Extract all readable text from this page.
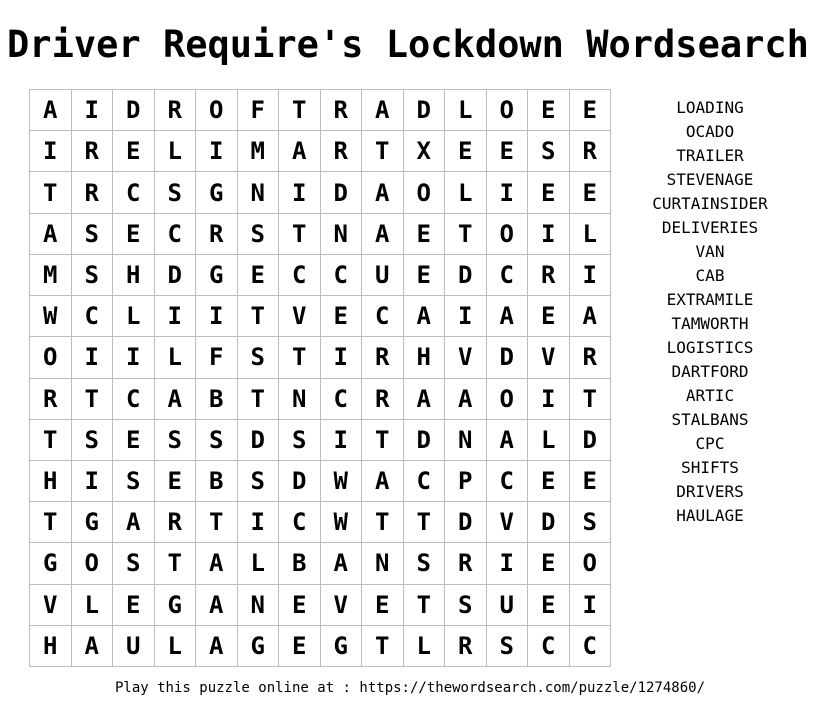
Driver Require's Lockdown Wordsearch
A	I	D	R	O	F	T	R	A	D	L	O	E	E
I	R	E	L	I	M	A	R	T	X	E	E	S	R
T	R	C	S	G	N	I	D	A	O	L	I	E	E
A	S	E	C	R	S	T	N	A	E	T	O	I	L
M	S	H	D	G	E	C	C	U	E	D	C	R	I
W	C	L	I	I	T	V	E	C	A	I	A	E	A
O	I	I	L	F	S	T	I	R	H	V	D	V	R
R	T	C	A	B	T	N	C	R	A	A	O	I	T
T	S	E	S	S	D	S	I	T	D	N	A	L	D
H	I	S	E	B	S	D	W	A	C	P	C	E	E
T	G	A	R	T	I	C	W	T	T	D	V	D	S
G	O	S	T	A	L	B	A	N	S	R	I	E	O
V	L	E	G	A	N	E	V	E	T	S	U	E	I
H	A	U	L	A	G	E	G	T	L	R	S	C	C
LOADING
OCADO
TRAILER
STEVENAGE
CURTAINSIDER
DELIVERIES
VAN
CAB
EXTRAMILE
TAMWORTH
LOGISTICS
DARTFORD
ARTIC
STALBANS
CPC
SHIFTS
DRIVERS
HAULAGE
Play this puzzle online at : https://thewordsearch.com/puzzle/1274860/
